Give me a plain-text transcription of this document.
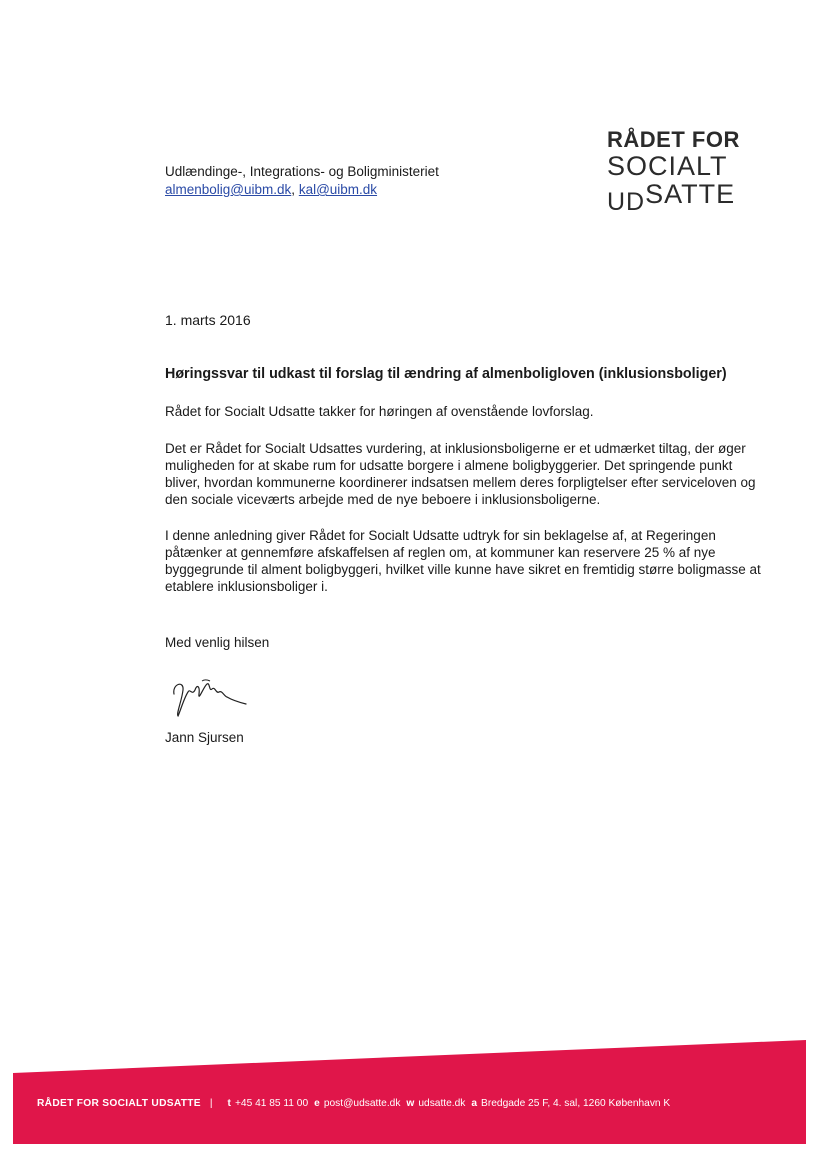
RÅDET FOR
SOCIALT
UDSATTE
Udlændinge-, Integrations- og Boligministeriet
almenbolig@uibm.dk, kal@uibm.dk
1. marts 2016
Høringssvar til udkast til forslag til ændring af almenboligloven (inklusionsboliger)
Rådet for Socialt Udsatte takker for høringen af ovenstående lovforslag.
Det er Rådet for Socialt Udsattes vurdering, at inklusionsboligerne er et udmærket tiltag, der øger muligheden for at skabe rum for udsatte borgere i almene boligbyggerier. Det springende punkt bliver, hvordan kommunerne koordinerer indsatsen mellem deres forpligtelser efter serviceloven og den sociale viceværts arbejde med de nye beboere i inklusionsboligerne.
I denne anledning giver Rådet for Socialt Udsatte udtryk for sin beklagelse af, at Regeringen påtænker at gennemføre afskaffelsen af reglen om, at kommuner kan reservere 25 % af nye byggegrunde til alment boligbyggeri, hvilket ville kunne have sikret en fremtidig større boligmasse at etablere inklusionsboliger i.
Med venlig hilsen
Jann Sjursen
RÅDET FOR SOCIALT UDSATTE | t +45 41 85 11 00 e post@udsatte.dk w udsatte.dk a Bredgade 25 F, 4. sal, 1260 København K
